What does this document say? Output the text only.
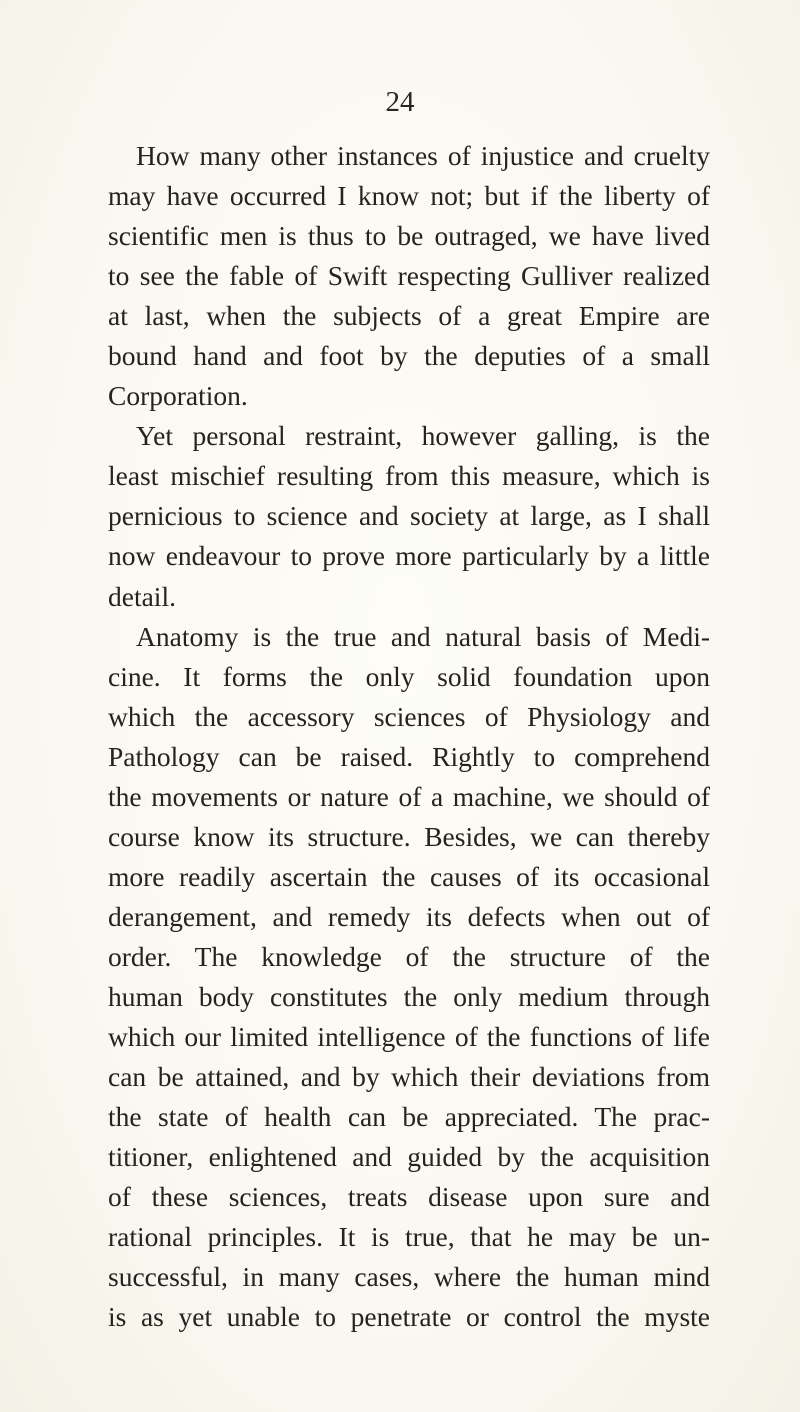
24
How many other instances of injustice and cruelty
may have occurred I know not; but if the liberty of
scientific men is thus to be outraged, we have lived
to see the fable of Swift respecting Gulliver realized
at last, when the subjects of a great Empire are
bound hand and foot by the deputies of a small
Corporation.
Yet personal restraint, however galling, is the
least mischief resulting from this measure, which is
pernicious to science and society at large, as I shall
now endeavour to prove more particularly by a little
detail.
Anatomy is the true and natural basis of Medi-
cine. It forms the only solid foundation upon
which the accessory sciences of Physiology and
Pathology can be raised. Rightly to comprehend
the movements or nature of a machine, we should of
course know its structure. Besides, we can thereby
more readily ascertain the causes of its occasional
derangement, and remedy its defects when out of
order. The knowledge of the structure of the
human body constitutes the only medium through
which our limited intelligence of the functions of life
can be attained, and by which their deviations from
the state of health can be appreciated. The prac-
titioner, enlightened and guided by the acquisition
of these sciences, treats disease upon sure and
rational principles. It is true, that he may be un-
successful, in many cases, where the human mind
is as yet unable to penetrate or control the myste
